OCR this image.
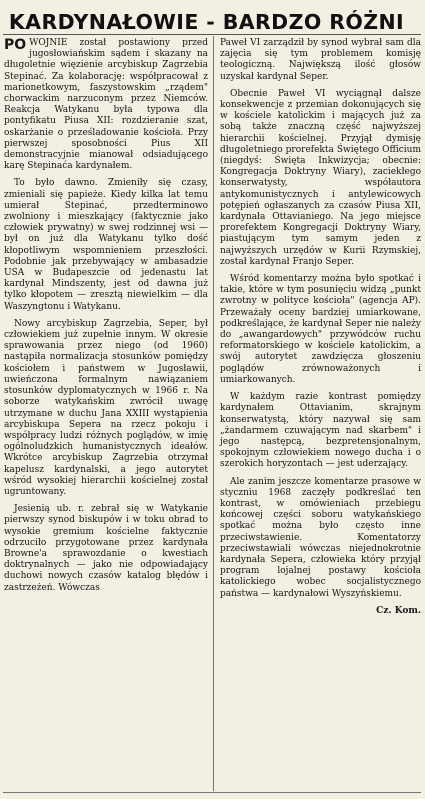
KARDYNAŁOWIE - BARDZO RÓŻNI

PO WOJNIE został postawiony przed jugosłowiańskim sądem i skazany na długoletnie więzienie arcybiskup Zagrzebia Stepinać. Za kolaborację: współpracował z marionetkowym, faszystowskim „rządem" chorwackim narzuconym przez Niemców. Reakcja Watykanu była typowa dla pontyfikatu Piusa XII: rozdzieranie szat, oskarżanie o prześladowanie kościoła. Przy pierwszej sposobności Pius XII demonstracyjnie mianował odsiadującego karę Stepinaća kardynałem.

To było dawno. Zmieniły się czasy, zmieniali się papieże. Kiedy kilka lat temu umierał Stepinać, przedterminowo zwolniony i mieszkający (faktycznie jako człowiek prywatny) w swej rodzinnej wsi — był on już dla Watykanu tylko dość kłopotliwym wspomnieniem przeszłości. Podobnie jak przebywający w ambasadzie USA w Budapeszcie od jedenastu lat kardynał Mindszenty, jest od dawna już tylko kłopotem — zresztą niewielkim — dla Waszyngtonu i Watykanu.

Nowy arcybiskup Zagrzebia, Seper, był człowiekiem już zupełnie innym. W okresie sprawowania przez niego (od 1960) nastąpiła normalizacja stosunków pomiędzy kościołem i państwem w Jugosławii, uwieńczona formalnym nawiązaniem stosunków dyplomatycznych w 1966 r. Na soborze watykańskim zwrócił uwagę utrzymane w duchu Jana XXIII wystąpienia arcybiskupa Sepera na rzecz pokoju i współpracy ludzi różnych poglądów, w imię ogólnoludzkich humanistycznych ideałów. Wkrótce arcybiskup Zagrzebia otrzymał kapelusz kardynalski, a jego autorytet wśród wysokiej hierarchii kościelnej został ugruntowany.

Jesienią ub. r. zebrał się w Watykanie pierwszy synod biskupów i w toku obrad to wysokie gremium kościelne faktycznie odrzuciło przygotowane przez kardynała Browne'a sprawozdanie o kwestiach doktrynalnych — jako nie odpowiadający duchowi nowych czasów katalog błędów i zastrzeżeń. Wówczas

Paweł VI zarządził by synod wybrał sam dla zajęcia się tym problemem komisję teologiczną. Największą ilość głosów uzyskał kardynał Seper.

Obecnie Paweł VI wyciągnął dalsze konsekwencje z przemian dokonujących się w kościele katolickim i mających już za sobą także znaczną część najwyższej hierarchii kościelnej. Przyjął dymisję długoletniego prorefekta Świętego Officium (niegdyś: Święta Inkwizycja; obecnie: Kongregacja Doktryny Wiary), zaciekłego konserwatysty, współautora antykomunistycznych i antylewicowych potępień ogłaszanych za czasów Piusa XII, kardynała Ottavianiego. Na jego miejsce prorefektem Kongregacji Doktryny Wiary, piastującym tym samym jeden z najwyższych urzędów w Kurii Rzymskiej, został kardynał Franjo Seper.

Wśród komentarzy można było spotkać i takie, które w tym posunięciu widzą „punkt zwrotny w polityce kościoła" (agencja AP). Przeważały oceny bardziej umiarkowane, podkreślające, że kardynał Seper nie należy do „awangardowych" przywódców ruchu reformatorskiego w kościele katolickim, a swój autorytet zawdzięcza głoszeniu poglądów zrównoważonych i umiarkowanych.

W każdym razie kontrast pomiędzy kardynałem Ottavianim, skrajnym konserwatystą, który nazywał się sam „żandarmem czuwającym nad skarbem" i jego następcą, bezpretensjonalnym, spokojnym człowiekiem nowego ducha i o szerokich horyzontach — jest uderzający.

Ale zanim jeszcze komentarze prasowe w styczniu 1968 zaczęły podkreślać ten kontrast, w omówieniach przebiegu końcowej części soboru watykańskiego spotkać można było często inne przeciwstawienie. Komentatorzy przeciwstawiali wówczas niejednokrotnie kardynała Sepera, człowieka który przyjął program lojalnej postawy kościoła katolickiego wobec socjalistycznego państwa — kardynałowi Wyszyńskiemu.

Cz. Kom.
